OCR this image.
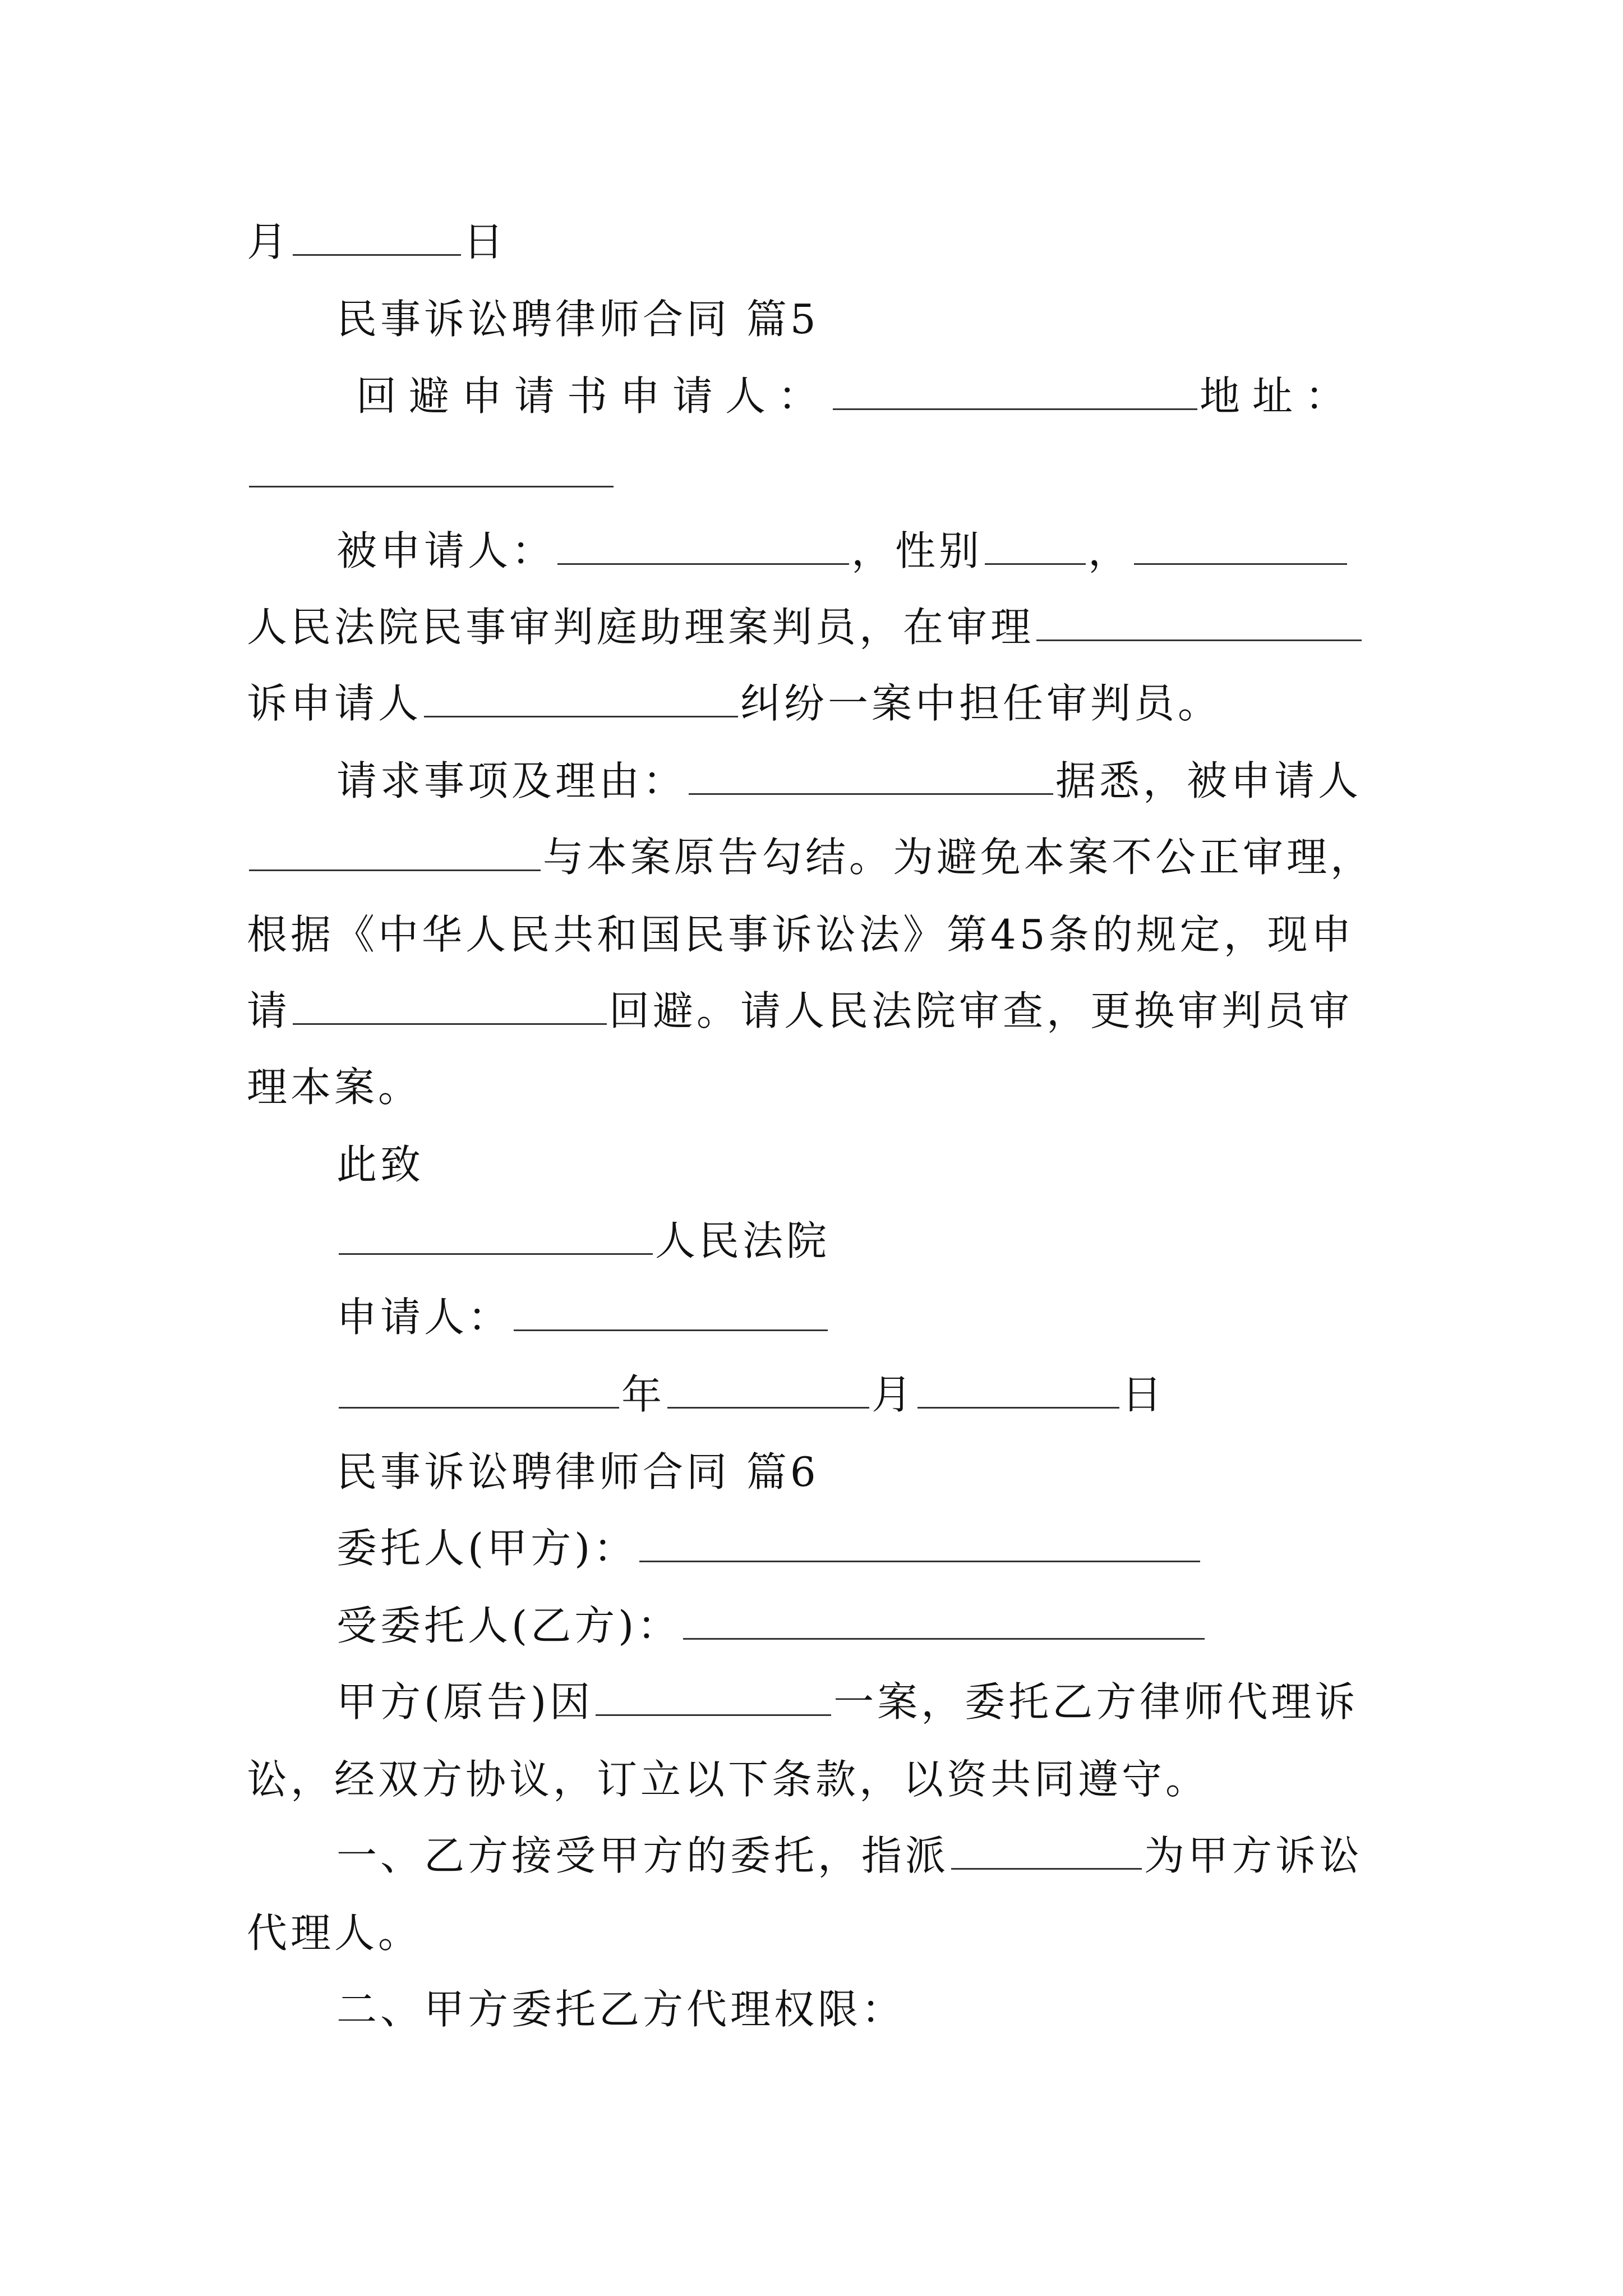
月	日
民事诉讼聘律师合同 篇5
回避申请书申请人：	地址：
被申请人：	，性别	，
人民法院民事审判庭助理案判员，在审理
诉申请人	纠纷一案中担任审判员。
请求事项及理由：	据悉，被申请人
与本案原告勾结。为避免本案不公正审理，
根据《中华人民共和国民事诉讼法》第45条的规定，现申
请	回避。请人民法院审查，更换审判员审
理本案。
此致
人民法院
申请人：
年	月	日
民事诉讼聘律师合同 篇6
委托人(甲方)：
受委托人(乙方)：
甲方(原告)因	一案，委托乙方律师代理诉
讼，经双方协议，订立以下条款，以资共同遵守。
一、乙方接受甲方的委托，指派	为甲方诉讼
代理人。
二、甲方委托乙方代理权限：
